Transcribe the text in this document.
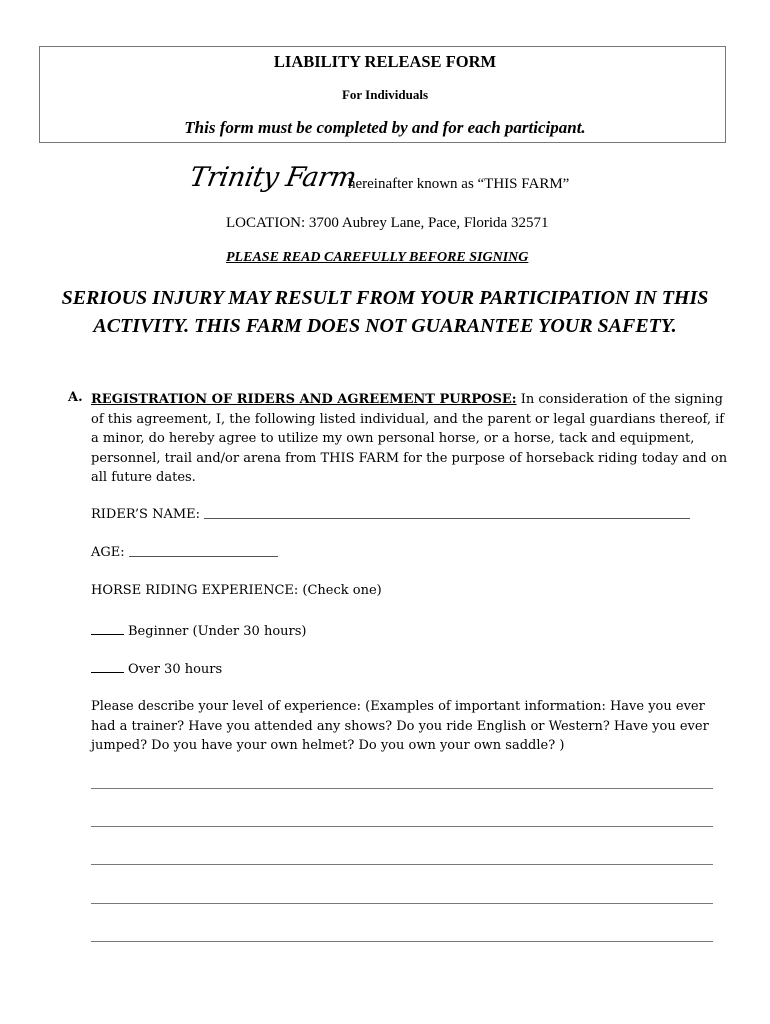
LIABILITY RELEASE FORM
For Individuals
This form must be completed by and for each participant.
Trinity Farm
hereinafter known as “THIS FARM”
LOCATION: 3700 Aubrey Lane, Pace, Florida 32571
PLEASE READ CAREFULLY BEFORE SIGNING
SERIOUS INJURY MAY RESULT FROM YOUR PARTICIPATION IN THIS ACTIVITY. THIS FARM DOES NOT GUARANTEE YOUR SAFETY.
A. REGISTRATION OF RIDERS AND AGREEMENT PURPOSE: In consideration of the signing of this agreement, I, the following listed individual, and the parent or legal guardians thereof, if a minor, do hereby agree to utilize my own personal horse, or a horse, tack and equipment, personnel, trail and/or arena from THIS FARM for the purpose of horseback riding today and on all future dates.
RIDER’S NAME:
AGE:
HORSE RIDING EXPERIENCE: (Check one)
Beginner (Under 30 hours)
Over 30 hours
Please describe your level of experience: (Examples of important information: Have you ever had a trainer? Have you attended any shows? Do you ride English or Western? Have you ever jumped? Do you have your own helmet? Do you own your own saddle? )
